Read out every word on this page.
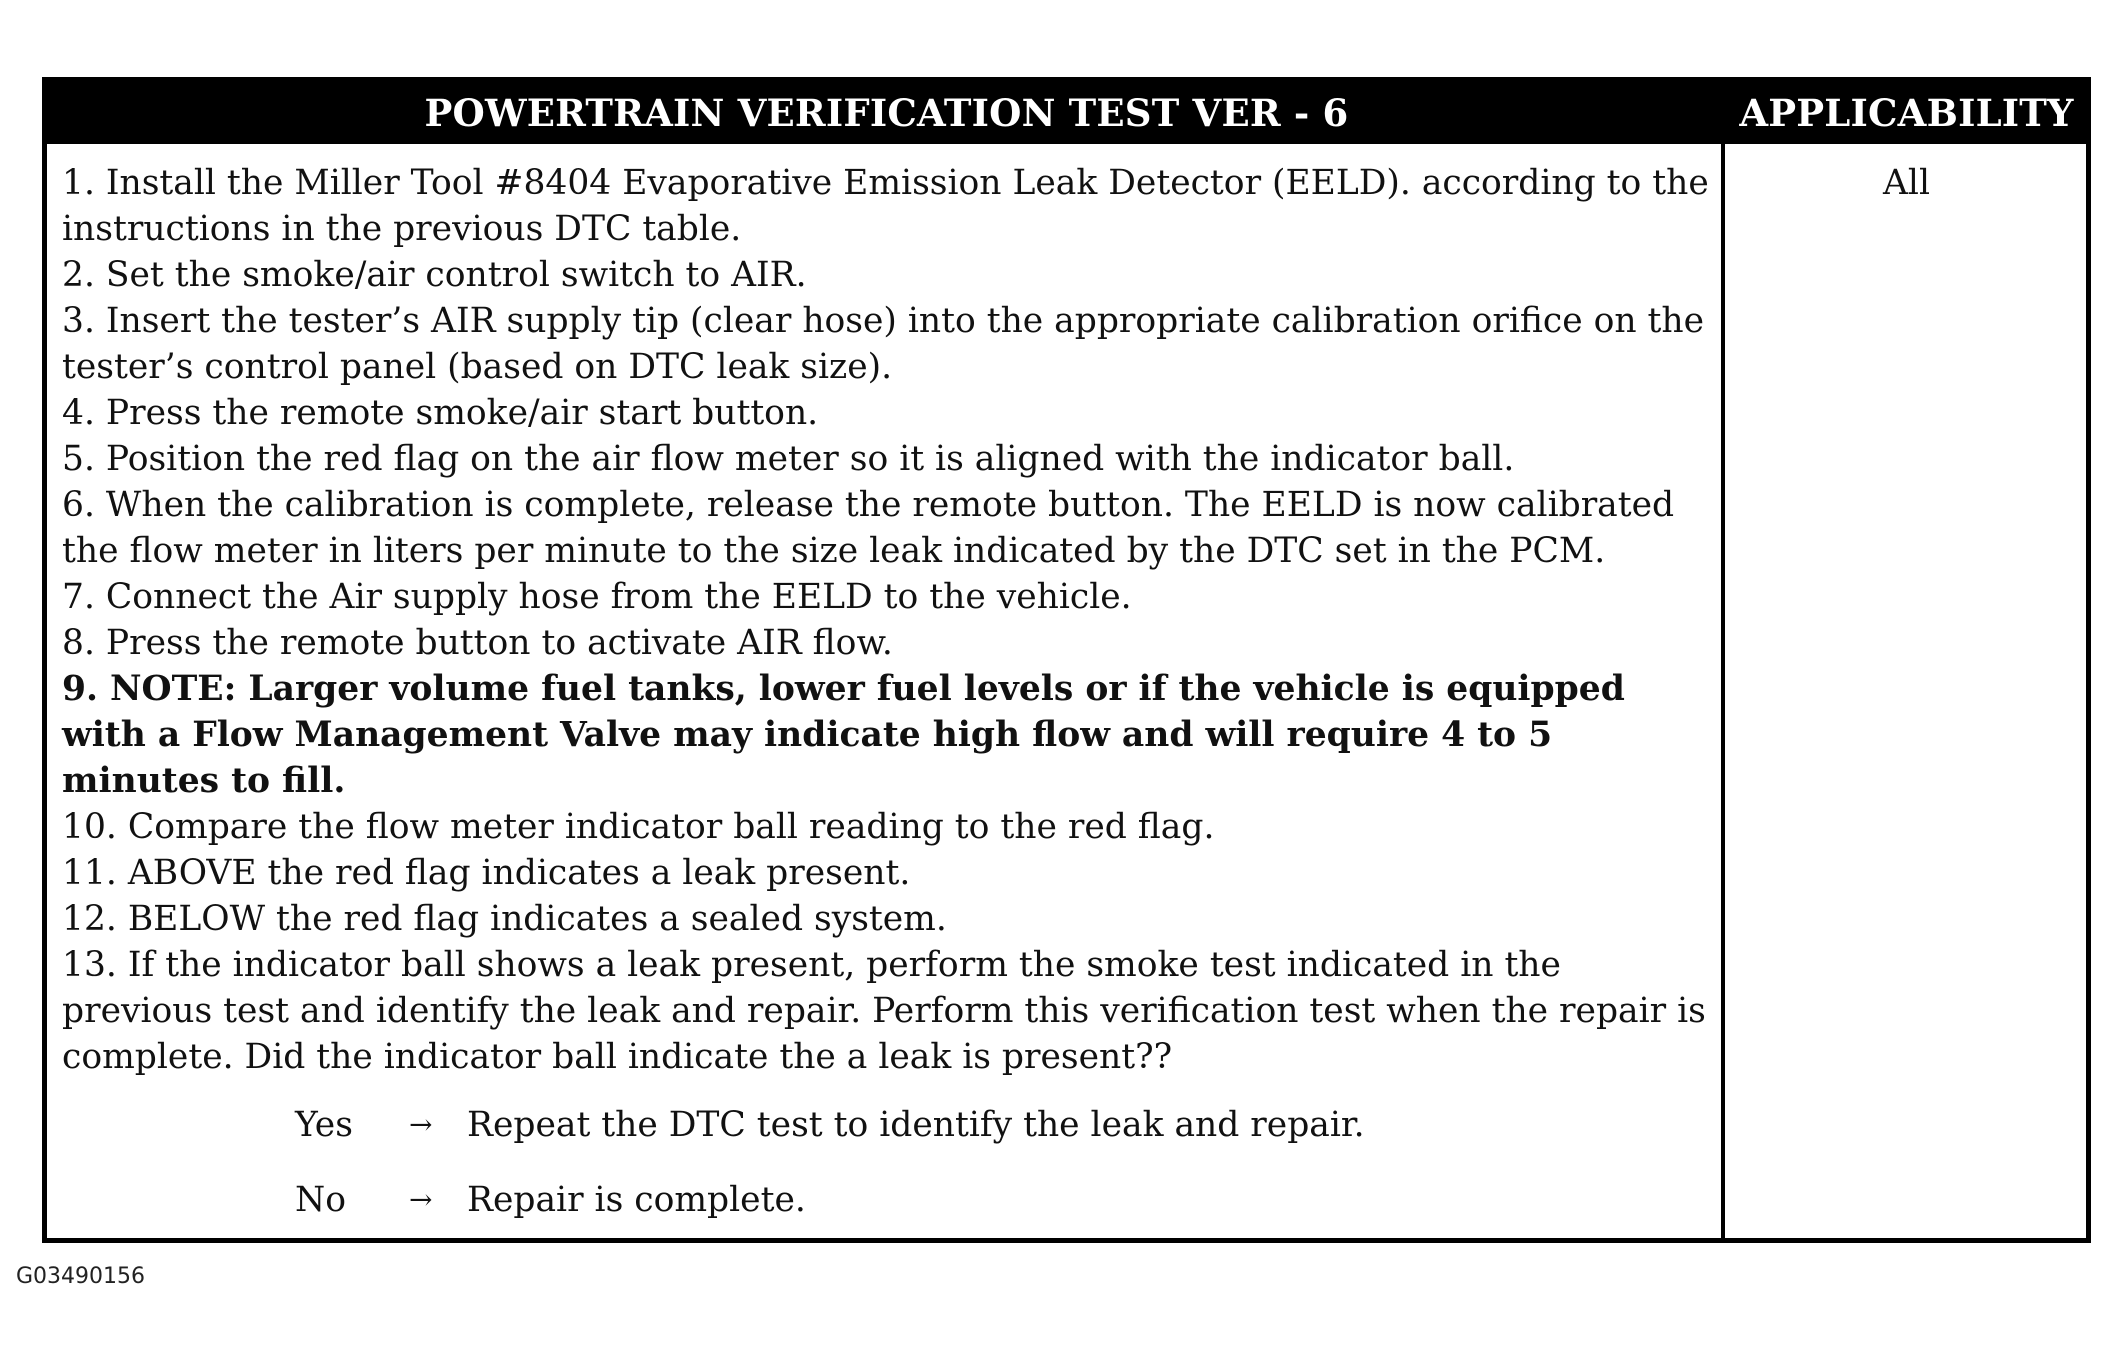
POWERTRAIN VERIFICATION TEST VER - 6	APPLICABILITY

1. Install the Miller Tool #8404 Evaporative Emission Leak Detector (EELD). according to the instructions in the previous DTC table.

2. Set the smoke/air control switch to AIR.

3. Insert the tester’s AIR supply tip (clear hose) into the appropriate calibration orifice on the tester’s control panel (based on DTC leak size).

4. Press the remote smoke/air start button.

5. Position the red flag on the air flow meter so it is aligned with the indicator ball.

6. When the calibration is complete, release the remote button. The EELD is now calibrated the flow meter in liters per minute to the size leak indicated by the DTC set in the PCM.

7. Connect the Air supply hose from the EELD to the vehicle.

8. Press the remote button to activate AIR flow.

9. NOTE: Larger volume fuel tanks, lower fuel levels or if the vehicle is equipped with a Flow Management Valve may indicate high flow and will require 4 to 5 minutes to fill.

10. Compare the flow meter indicator ball reading to the red flag.

11. ABOVE the red flag indicates a leak present.

12. BELOW the red flag indicates a sealed system.

13. If the indicator ball shows a leak present, perform the smoke test indicated in the previous test and identify the leak and repair. Perform this verification test when the repair is complete. Did the indicator ball indicate the a leak is present??

Yes → Repeat the DTC test to identify the leak and repair.
No → Repair is complete.
All
G03490156
